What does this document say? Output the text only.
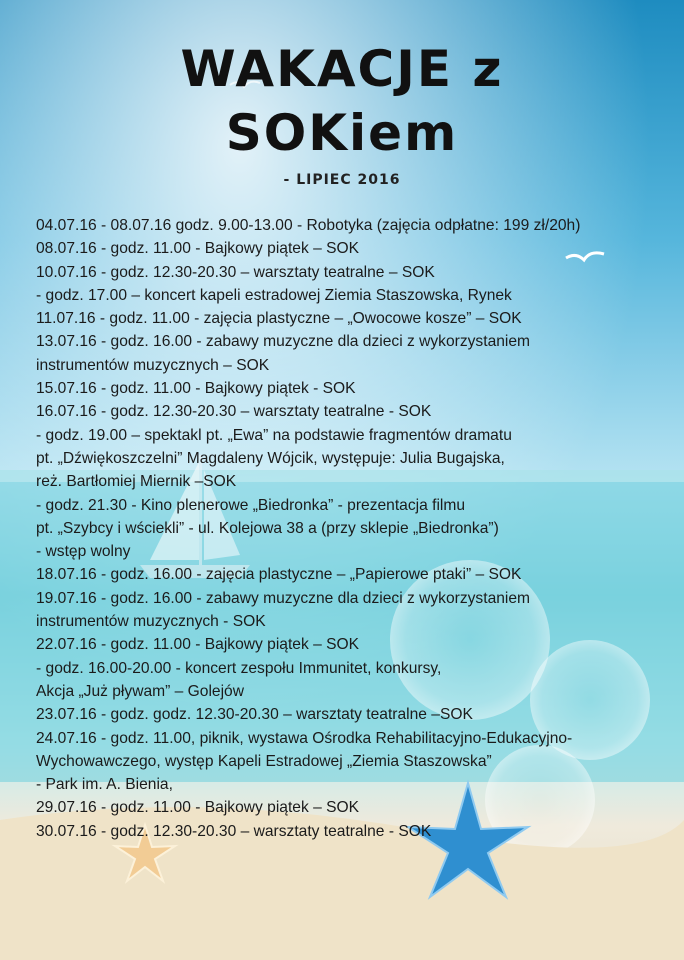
WAKACJE z
SOKiem
- LIPIEC 2016
04.07.16 - 08.07.16 godz. 9.00-13.00 - Robotyka (zajęcia odpłatne: 199 zł/20h)
08.07.16 - godz. 11.00 - Bajkowy piątek – SOK
10.07.16 - godz. 12.30-20.30 – warsztaty teatralne – SOK
- godz. 17.00 – koncert kapeli estradowej Ziemia Staszowska, Rynek
11.07.16 - godz. 11.00 - zajęcia plastyczne – „Owocowe kosze” – SOK
13.07.16 - godz. 16.00 - zabawy muzyczne dla dzieci z wykorzystaniem
instrumentów muzycznych – SOK
15.07.16 - godz. 11.00 - Bajkowy piątek - SOK
16.07.16 - godz. 12.30-20.30 – warsztaty teatralne - SOK
- godz. 19.00 – spektakl pt. „Ewa” na podstawie fragmentów dramatu
pt. „Dźwiękoszczelni” Magdaleny Wójcik, występuje: Julia Bugajska,
reż. Bartłomiej Miernik –SOK
- godz. 21.30 - Kino plenerowe „Biedronka” - prezentacja filmu
pt. „Szybcy i wściekli” - ul. Kolejowa 38 a (przy sklepie „Biedronka”)
- wstęp wolny
18.07.16 - godz. 16.00 - zajęcia plastyczne – „Papierowe ptaki” – SOK
19.07.16 - godz. 16.00 - zabawy muzyczne dla dzieci z wykorzystaniem
instrumentów muzycznych - SOK
22.07.16 - godz. 11.00 - Bajkowy piątek – SOK
- godz. 16.00-20.00 - koncert zespołu Immunitet, konkursy,
Akcja „Już pływam” – Golejów
23.07.16 - godz. godz. 12.30-20.30 – warsztaty teatralne –SOK
24.07.16 - godz. 11.00, piknik, wystawa Ośrodka Rehabilitacyjno-Edukacyjno-
Wychowawczego, występ Kapeli Estradowej „Ziemia Staszowska”
- Park im. A. Bienia,
29.07.16 - godz. 11.00 - Bajkowy piątek – SOK
30.07.16 - godz. 12.30-20.30 – warsztaty teatralne - SOK
